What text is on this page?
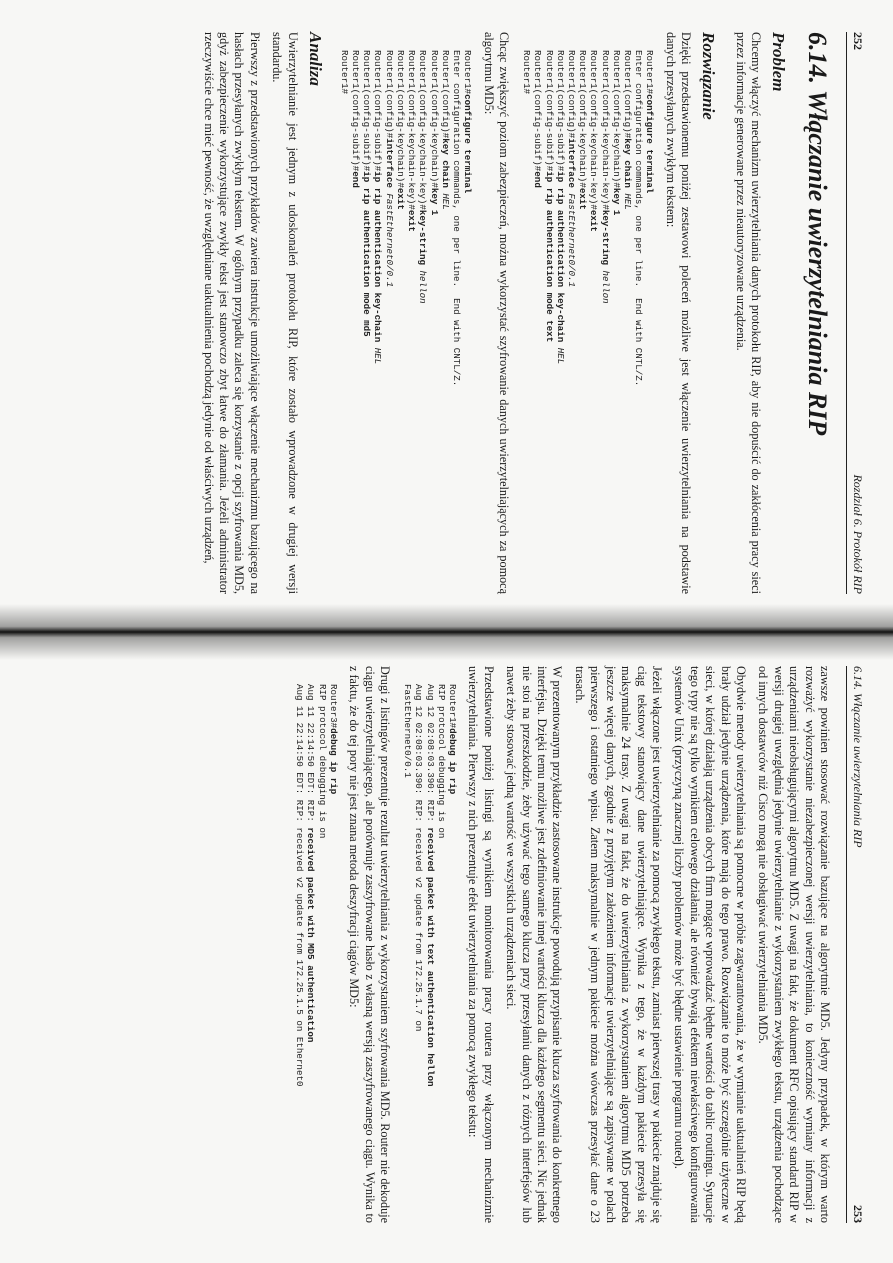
252
Rozdział 6. Protokół RIP
6.14. Włączanie uwierzytelniania RIP
Problem

Chcemy włączyć mechanizm uwierzytelniania danych protokołu RIP, aby nie dopuścić do zakłócenia pracy sieci przez informacje generowane przez nieautoryzowane urządzenia.

Rozwiązanie

Dzięki przedstawionemu poniżej zestawowi poleceń możliwe jest włączenie uwierzytelniania na podstawie danych przesyłanych zwykłym tekstem:

Router1#configure terminal
Enter configuration commands, one per line.  End with CNTL/Z.
Router1(config)#key chain HEL
Router1(config-keychain)#key 1
Router1(config-keychain-key)#key-string hellon
Router1(config-keychain-key)#exit
Router1(config-keychain)#exit
Router1(config)#interface FastEthernet0/0.1
Router1(config-subif)#ip rip authentication key-chain HEL
Router1(config-subif)#ip rip authentication mode text
Router1(config-subif)#end
Router1#

Chcąc zwiększyć poziom zabezpieczeń, można wykorzystać szyfrowanie danych uwierzytelniających za pomocą algorytmu MD5:

Router1#configure terminal
Enter configuration commands, one per line.  End with CNTL/Z.
Router1(config)#key chain HEL
Router1(config-keychain)#key 1
Router1(config-keychain-key)#key-string hellon
Router1(config-keychain-key)#exit
Router1(config-keychain)#exit
Router1(config)#interface FastEthernet0/0.1
Router1(config-subif)#ip rip authentication key-chain HEL
Router1(config-subif)#ip rip authentication mode md5
Router1(config-subif)#end
Router1#
Analiza

Uwierzytelnianie jest jednym z udoskonaleń protokołu RIP, które zostało wprowadzone w drugiej wersji standardu.

Pierwszy z przedstawionych przykładów zawiera instrukcje umożliwiające włączenie mechanizmu bazującego na hasłach przesyłanych zwykłym tekstem. W ogólnym przypadku zaleca się korzystanie z opcji szyfrowania MD5, gdyż zabezpieczenie wykorzystujące zwykły tekst jest stanowczo zbyt łatwe do złamania. Jeżeli administrator rzeczywiście chce mieć pewność, że uwzględniane uaktualnienia pochodzą jedynie od właściwych urządzeń,

6.14. Włączanie uwierzytelniania RIP
253

zawsze powinien stosować rozwiązanie bazujące na algorytmie MD5. Jedyny przypadek, w którym warto rozważyć wykorzystanie niezabezpieczonej wersji uwierzytelniania, to konieczność wymiany informacji z urządzeniami nieobsługującymi algorytmu MD5. Z uwagi na fakt, że dokument RFC opisujący standard RIP w wersji drugiej uwzględnia jedynie uwierzytelnianie z wykorzystaniem zwykłego tekstu, urządzenia pochodzące od innych dostawców niż Cisco mogą nie obsługiwać uwierzytelniania MD5.

Obydwie metody uwierzytelniania są pomocne w próbie zagwarantowania, że w wymianie uaktualnień RIP będą brały udział jedynie urządzenia, które mają do tego prawo. Rozwiązanie to może być szczególnie użyteczne w sieci, w której działają urządzenia obcych firm mogące wprowadzać błędne wartości do tablic routingu. Sytuacje tego typy nie są tylko wynikiem celowego działania, ale również bywają efektem niewłaściwego konfigurowania systemów Unix (przyczyną znacznej liczby problemów może być błędne ustawienie programu routed).

Jeżeli włączone jest uwierzytelnianie za pomocą zwykłego tekstu, zamiast pierwszej trasy w pakiecie znajduje się ciąg tekstowy stanowiący dane uwierzytelniające. Wynika z tego, że w każdym pakiecie przesyła się maksymalnie 24 trasy. Z uwagi na fakt, że do uwierzytelniania z wykorzystaniem algorytmu MD5 potrzeba jeszcze więcej danych, zgodnie z przyjętym założeniem informacje uwierzytelniające są zapisywane w polach pierwszego i ostatniego wpisu. Zatem maksymalnie w jednym pakiecie można wówczas przesyłać dane o 23 trasach.

W prezentowanym przykładzie zastosowane instrukcje powodują przypisanie klucza szyfrowania do konkretnego interfejsu. Dzięki temu możliwe jest zdefiniowanie innej wartości klucza dla każdego segmentu sieci. Nic jednak nie stoi na przeszkodzie, żeby używać tego samego klucza przy przesyłaniu danych z różnych interfejsów lub nawet żeby stosować jedną wartość we wszystkich urządzeniach sieci.

Przedstawione poniżej listingi są wynikiem monitorowania pracy routera przy włączonym mechanizmie uwierzytelniania. Pierwszy z nich prezentuje efekt uwierzytelniania za pomocą zwykłego tekstu:

Router1#debug ip rip
RIP protocol debugging is on
Aug 12 02:08:03.390: RIP: received packet with text authentication hellon
Aug 12 02:08:03.390: RIP: received v2 update from 172.25.1.7 on
FastEthernet0/0.1

Drugi z listingów prezentuje rezultat uwierzytelniania z wykorzystaniem szyfrowania MD5. Router nie dekoduje ciągu uwierzytelniającego, ale porównuje zaszyfrowane hasło z własną wersją zaszyfrowanego ciągu. Wynika to z faktu, że do tej pory nie jest znana metoda deszyfracji ciągów MD5:

Router3#debug ip rip
RIP protocol debugging is on
Aug 11 22:14:50 EDT: RIP: received packet with MD5 authentication
Aug 11 22:14:50 EDT: RIP: received v2 update from 172.25.1.5 on Ethernet0
